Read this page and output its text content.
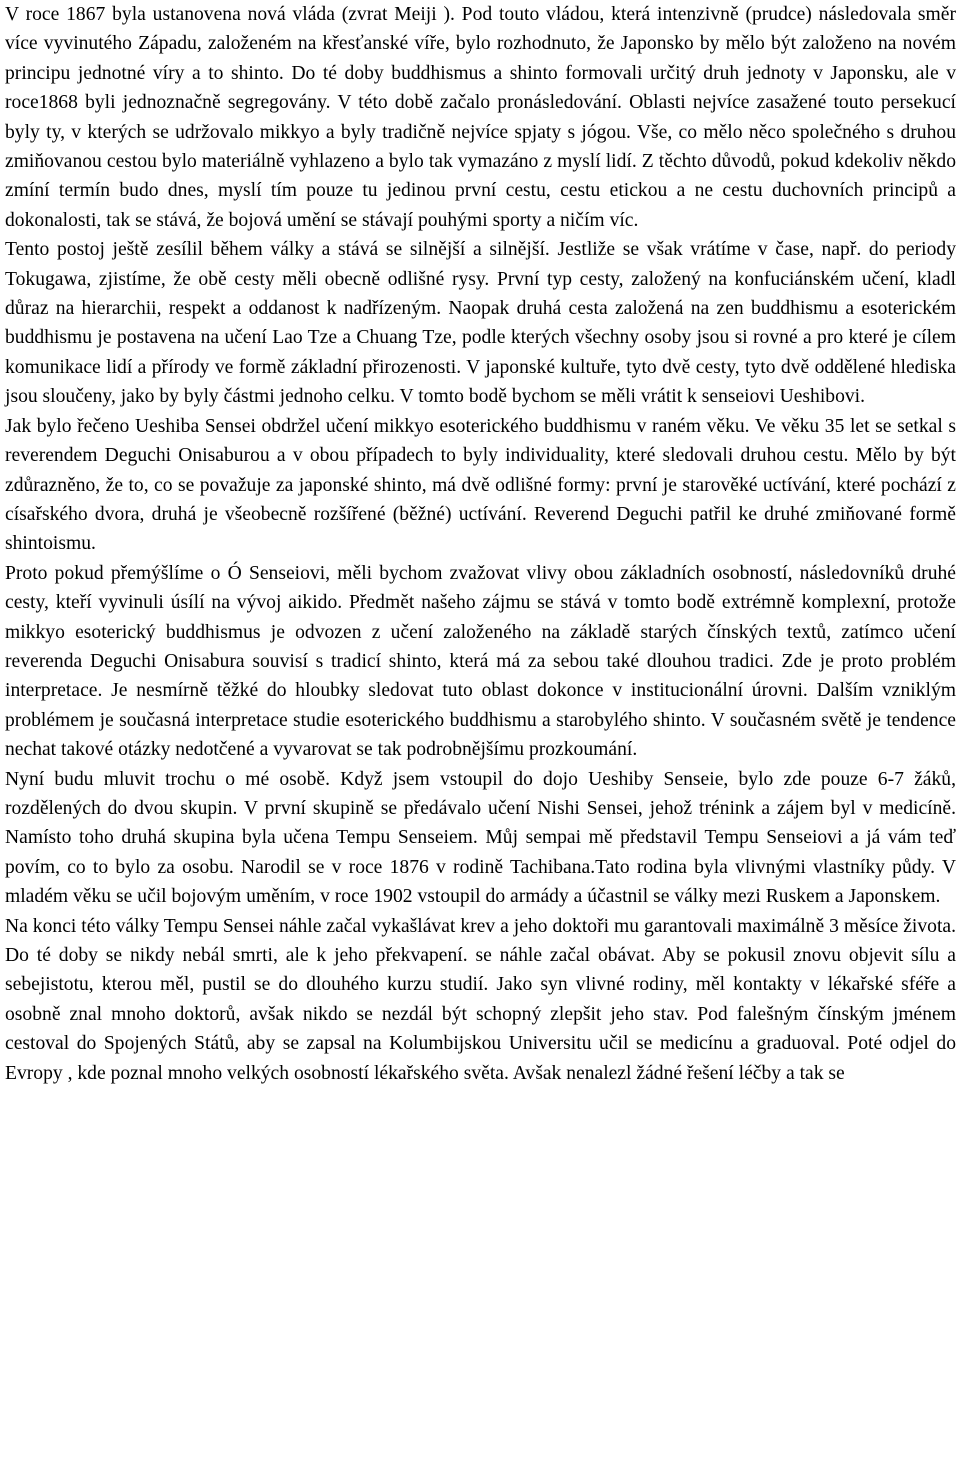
V roce 1867 byla ustanovena nová vláda (zvrat Meiji ). Pod touto vládou, která intenzivně (prudce) následovala směr více vyvinutého Západu, založeném na křesťanské víře, bylo rozhodnuto, že Japonsko by mělo být založeno na novém principu jednotné víry a to shinto. Do té doby buddhismus a shinto formovali určitý druh jednoty v Japonsku, ale v roce1868 byli jednoznačně segregovány. V této době začalo pronásledování. Oblasti nejvíce zasažené touto persekucí byly ty, v kterých se udržovalo mikkyo a byly tradičně nejvíce spjaty s jógou. Vše, co mělo něco společného s druhou zmiňovanou cestou bylo materiálně vyhlazeno a bylo tak vymazáno z myslí lidí. Z těchto důvodů, pokud kdekoliv někdo zmíní termín budo dnes, myslí tím pouze tu jedinou první cestu, cestu etickou a ne cestu duchovních principů a dokonalosti, tak se stává, že bojová umění se stávají pouhými sporty a ničím víc.

Tento postoj ještě zesílil během války a stává se silnější a silnější. Jestliže se však vrátíme v čase, např. do periody Tokugawa, zjistíme, že obě cesty měli obecně odlišné rysy. První typ cesty, založený na konfuciánském učení, kladl důraz na hierarchii, respekt a oddanost k nadřízeným. Naopak druhá cesta založená na zen buddhismu a esoterickém buddhismu je postavena na učení Lao Tze a Chuang Tze, podle kterých všechny osoby jsou si rovné a pro které je cílem komunikace lidí a přírody ve formě základní přirozenosti. V japonské kultuře, tyto dvě cesty, tyto dvě oddělené hlediska jsou sloučeny, jako by byly částmi jednoho celku. V tomto bodě bychom se měli vrátit k senseiovi Ueshibovi.

Jak bylo řečeno Ueshiba Sensei obdržel učení mikkyo esoterického buddhismu v raném věku. Ve věku 35 let se setkal s reverendem Deguchi Onisaburou a v obou případech to byly individuality, které sledovali druhou cestu. Mělo by být zdůrazněno, že to, co se považuje za japonské shinto, má dvě odlišné formy: první je starověké uctívání, které pochází z císařského dvora, druhá je všeobecně rozšířené (běžné) uctívání. Reverend Deguchi patřil ke druhé zmiňované formě shintoismu.

Proto pokud přemýšlíme o Ó Senseiovi, měli bychom zvažovat vlivy obou základních osobností, následovníků druhé cesty, kteří vyvinuli úsílí na vývoj aikido. Předmět našeho zájmu se stává v tomto bodě extrémně komplexní, protože mikkyo esoterický buddhismus je odvozen z učení založeného na základě starých čínských textů, zatímco učení reverenda Deguchi Onisabura souvisí s tradicí shinto, která má za sebou také dlouhou tradici. Zde je proto problém interpretace. Je nesmírně těžké do hloubky sledovat tuto oblast dokonce v institucionální úrovni. Dalším vzniklým problémem je současná interpretace studie esoterického buddhismu a starobylého shinto. V současném světě je tendence nechat takové otázky nedotčené a vyvarovat se tak podrobnějšímu prozkoumání.

Nyní budu mluvit trochu o mé osobě. Když jsem vstoupil do dojo Ueshiby Senseie, bylo zde pouze 6-7 žáků, rozdělených do dvou skupin. V první skupině se předávalo učení Nishi Sensei, jehož trénink a zájem byl v medicíně. Namísto toho druhá skupina byla učena Tempu Senseiem. Můj sempai mě představil Tempu Senseiovi a já vám teď povím, co to bylo za osobu. Narodil se v roce 1876 v rodině Tachibana.Tato rodina byla vlivnými vlastníky půdy. V mladém věku se učil bojovým uměním, v roce 1902 vstoupil do armády a účastnil se války mezi Ruskem a Japonskem.

Na konci této války Tempu Sensei náhle začal vykašlávat krev a jeho doktoři mu garantovali maximálně 3 měsíce života. Do té doby se nikdy nebál smrti, ale k jeho překvapení. se náhle začal obávat. Aby se pokusil znovu objevit sílu a sebejistotu, kterou měl, pustil se do dlouhého kurzu studií. Jako syn vlivné rodiny, měl kontakty v lékařské sféře a osobně znal mnoho doktorů, avšak nikdo se nezdál být schopný zlepšit jeho stav. Pod falešným čínským jménem cestoval do Spojených Států, aby se zapsal na Kolumbijskou Universitu učil se medicínu a graduoval. Poté odjel do Evropy , kde poznal mnoho velkých osobností lékařského světa. Avšak nenalezl žádné řešení léčby a tak se
